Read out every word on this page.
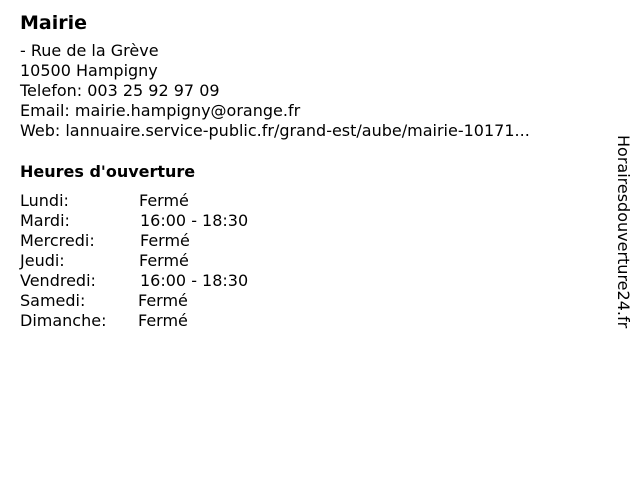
Mairie
- Rue de la Grève
10500 Hampigny
Telefon: 003 25 92 97 09
Email: mairie.hampigny@orange.fr
Web: lannuaire.service-public.fr/grand-est/aube/mairie-10171...
Heures d'ouverture
Lundi:	Fermé
Mardi:	16:00 - 18:30
Mercredi:	Fermé
Jeudi:	Fermé
Vendredi:	16:00 - 18:30
Samedi:	Fermé
Dimanche: Fermé	Horairesdouverture24.fr
